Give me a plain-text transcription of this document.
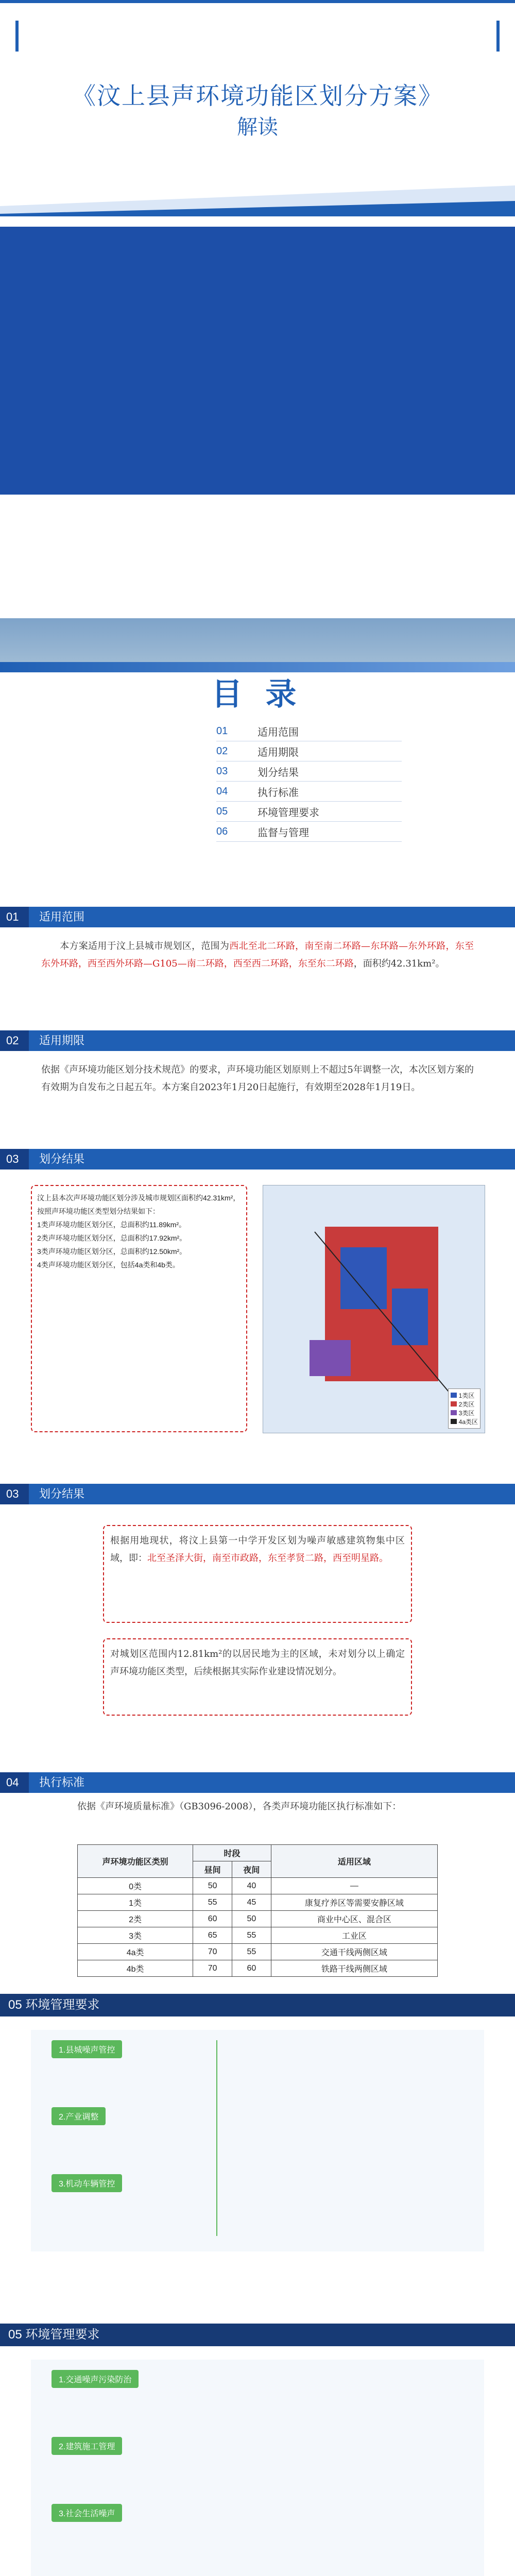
《汶上县声环境功能区划分方案》
解读
本方案由汶上县人民政府按照《中华人民共和国噪声污染防治法》《声环境功能区划分技术规范》等相关要求编制，自发布之日起五年内有效。
目 录
01	适用范围
02	适用期限
03	划分结果
04	执行标准
05	环境管理要求
06	监督与管理
01 适用范围
  本方案适用于汶上县城市规划区，范围为西北至北二环路，南至南二环路—东环路—东外环路，东至东外环路，西至西外环路—G105—南二环路，西至西二环路，东至东二环路，面积约42.31km²。
02 适用期限
依据《声环境功能区划分技术规范》的要求，声环境功能区划原则上不超过5年调整一次，本次区划方案的有效期为自发布之日起五年。本方案自2023年1月20日起施行，有效期至2028年1月19日。
03 划分结果
汶上县本次声环境功能区划分涉及城市规划区面积约42.31km²，按照声环境功能区类型划分结果如下：
1类声环境功能区划分区，总面积约11.89km²。
2类声环境功能区划分区，总面积约17.92km²。
3类声环境功能区划分区，总面积约12.50km²。
4类声环境功能区划分区，包括4a类和4b类。
1类区
2类区
3类区
4a类区
03 划分结果
根据用地现状，将汶上县第一中学开发区划为噪声敏感建筑物集中区域，即：北至圣泽大街，南至市政路，东至孝贤二路，西至明星路。
对城划区范围内12.81km²的以居民地为主的区域，未对划分以上确定声环境功能区类型，后续根据其实际作业建设情况划分。
04 执行标准
依据《声环境质量标准》（GB3096-2008），各类声环境功能区执行标准如下：
声环境功能区类别	时段		适用区域
	昼间	夜间	
0类	50	40	—
1类	55	45	康复疗养区等需要安静区域
2类	60	50	商业中心区、混合区
3类	65	55	工业区
4a类	70	55	交通干线两侧区域
4b类	70	60	铁路干线两侧区域
05 环境管理要求
1.县城噪声管控
2.产业调整
3.机动车辆管控
05 环境管理要求
1.交通噪声污染防治
2.建筑施工管理
3.社会生活噪声
